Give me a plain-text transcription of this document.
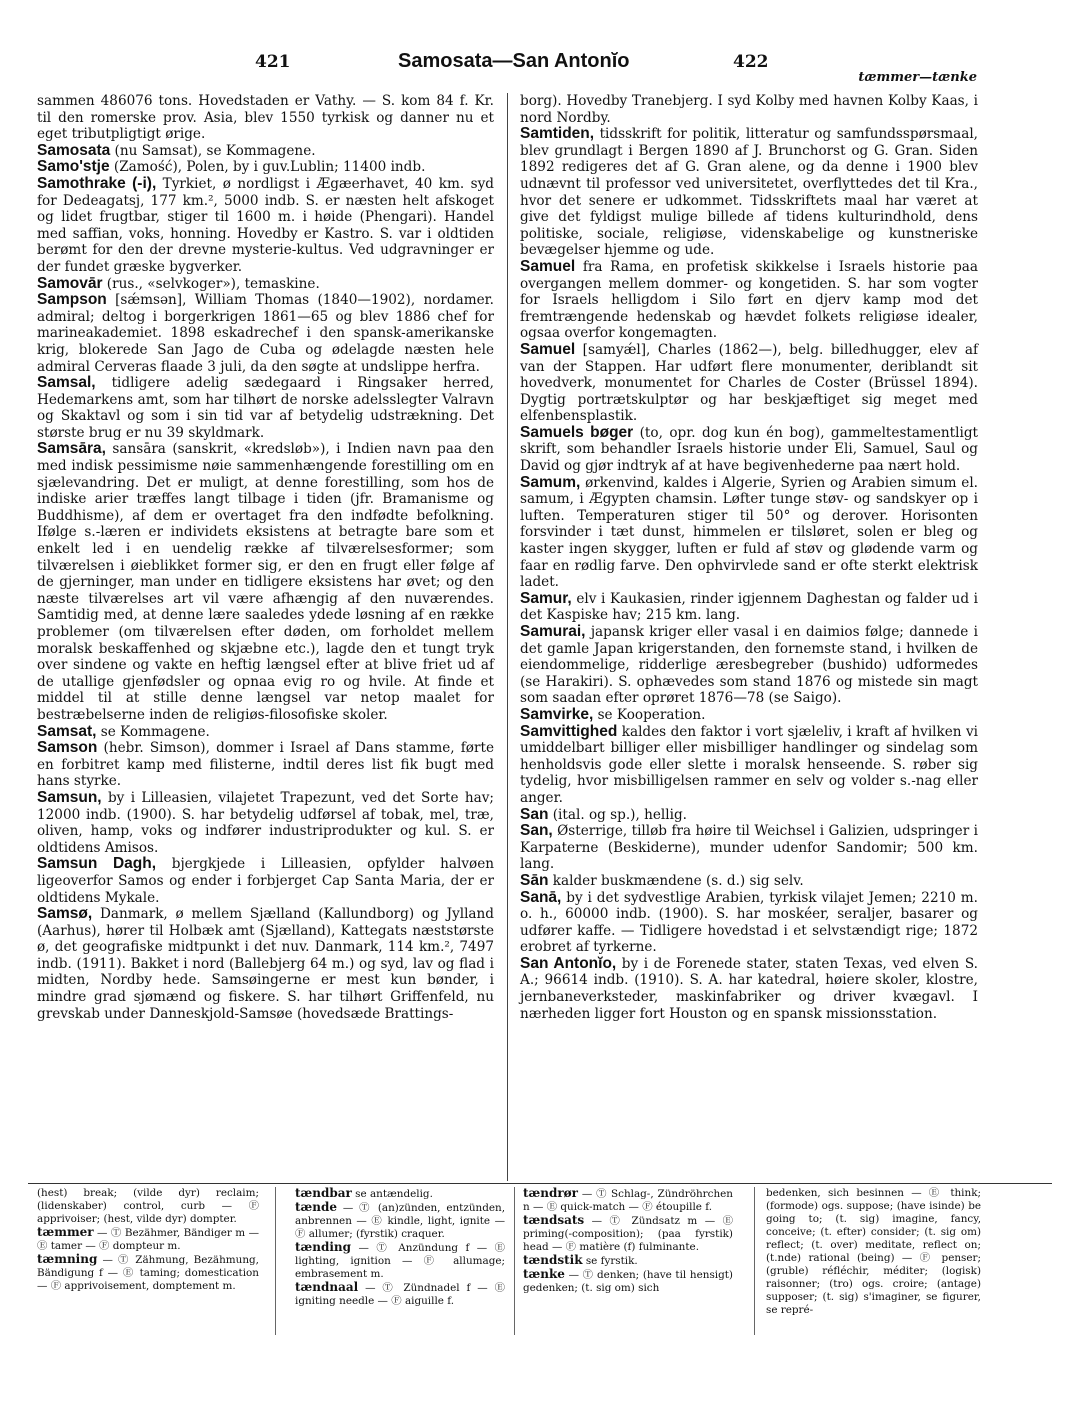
421	Samosata—San Antonĭo	422
tæmmer—tænke

sammen 486076 tons. Hovedstaden er Vathy. — S. kom 84 f. Kr. til den romerske prov. Asia, blev 1550 tyrkisk og danner nu et eget tributpligtigt ørige.

Samosata (nu Samsat), se Kommagene.

Samo'stje (Zamość), Polen, by i guv.Lublin; 11400 indb.

Samothrake (-i), Tyrkiet, ø nordligst i Ægæerhavet, 40 km. syd for Dedeagatsj, 177 km.², 5000 indb. S. er næsten helt afskoget og lidet frugtbar, stiger til 1600 m. i høide (Phengari). Handel med saffian, voks, honning. Hovedby er Kastro. S. var i oldtiden berømt for den der drevne mysterie-kultus. Ved udgravninger er der fundet græske bygverker.

Samovār (rus., «selvkoger»), temaskine.

Sampson [sǽmsən], William Thomas (1840—1902), nordamer. admiral; deltog i borgerkrigen 1861—65 og blev 1886 chef for marineakademiet. 1898 eskadrechef i den spansk-amerikanske krig, blokerede San Jago de Cuba og ødelagde næsten hele admiral Cerveras flaade 3 juli, da den søgte at undslippe herfra.

Samsal, tidligere adelig sædegaard i Ringsaker herred, Hedemarkens amt, som har tilhørt de norske adelsslegter Valravn og Skaktavl og som i sin tid var af betydelig udstrækning. Det største brug er nu 39 skyldmark.

Samsāra, sansāra (sanskrit, «kredsløb»), i Indien navn paa den med indisk pessimisme nøie sammenhængende forestilling om en sjælevandring. Det er muligt, at denne forestilling, som hos de indiske arier træffes langt tilbage i tiden (jfr. Bramanisme og Buddhisme), af dem er overtaget fra den indfødte befolkning. Ifølge s.-læren er individets eksistens at betragte bare som et enkelt led i en uendelig række af tilværelsesformer; som tilværelsen i øieblikket former sig, er den en frugt eller følge af de gjerninger, man under en tidligere eksistens har øvet; og den næste tilværelses art vil være afhængig af den nuværendes. Samtidig med, at denne lære saaledes ydede løsning af en række problemer (om tilværelsen efter døden, om forholdet mellem moralsk beskaffenhed og skjæbne etc.), lagde den et tungt tryk over sindene og vakte en heftig længsel efter at blive friet ud af de utallige gjenfødsler og opnaa evig ro og hvile. At finde et middel til at stille denne længsel var netop maalet for bestræbelserne inden de religiøs-filosofiske skoler.

Samsat, se Kommagene.

Samson (hebr. Simson), dommer i Israel af Dans stamme, førte en forbitret kamp med filisterne, indtil deres list fik bugt med hans styrke.

Samsun, by i Lilleasien, vilajetet Trapezunt, ved det Sorte hav; 12000 indb. (1900). S. har betydelig udførsel af tobak, mel, træ, oliven, hamp, voks og indfører industriprodukter og kul. S. er oldtidens Amisos.

Samsun Dagh, bjergkjede i Lilleasien, opfylder halvøen ligeoverfor Samos og ender i forbjerget Cap Santa Maria, der er oldtidens Mykale.

Samsø, Danmark, ø mellem Sjælland (Kallundborg) og Jylland (Aarhus), hører til Holbæk amt (Sjælland), Kattegats næststørste ø, det geografiske midtpunkt i det nuv. Danmark, 114 km.², 7497 indb. (1911). Bakket i nord (Ballebjerg 64 m.) og syd, lav og flad i midten, Nordby hede. Samsøingerne er mest kun bønder, i mindre grad sjømænd og fiskere. S. har tilhørt Griffenfeld, nu grevskab under Danneskjold-Samsøe (hovedsæde Brattings-

borg). Hovedby Tranebjerg. I syd Kolby med havnen Kolby Kaas, i nord Nordby.

Samtiden, tidsskrift for politik, litteratur og samfundsspørsmaal, blev grundlagt i Bergen 1890 af J. Brunchorst og G. Gran. Siden 1892 redigeres det af G. Gran alene, og da denne i 1900 blev udnævnt til professor ved universitetet, overflyttedes det til Kra., hvor det senere er udkommet. Tidsskriftets maal har været at give det fyldigst mulige billede af tidens kulturindhold, dens politiske, sociale, religiøse, videnskabelige og kunstneriske bevægelser hjemme og ude.

Samuel fra Rama, en profetisk skikkelse i Israels historie paa overgangen mellem dommer- og kongetiden. S. har som vogter for Israels helligdom i Silo ført en djerv kamp mod det fremtrængende hedenskab og hævdet folkets religiøse idealer, ogsaa overfor kongemagten.

Samuel [samyǽl], Charles (1862—), belg. billedhugger, elev af van der Stappen. Har udført flere monumenter, deriblandt sit hovedverk, monumentet for Charles de Coster (Brüssel 1894). Dygtig portrætskulptør og har beskjæftiget sig meget med elfenbensplastik.

Samuels bøger (to, opr. dog kun én bog), gammeltestamentligt skrift, som behandler Israels historie under Eli, Samuel, Saul og David og gjør indtryk af at have begivenhederne paa nært hold.

Samum, ørkenvind, kaldes i Algerie, Syrien og Arabien simum el. samum, i Ægypten chamsin. Løfter tunge støv- og sandskyer op i luften. Temperaturen stiger til 50° og derover. Horisonten forsvinder i tæt dunst, himmelen er tilsløret, solen er bleg og kaster ingen skygger, luften er fuld af støv og glødende varm og faar en rødlig farve. Den ophvirvlede sand er ofte sterkt elektrisk ladet.

Samur, elv i Kaukasien, rinder igjennem Daghestan og falder ud i det Kaspiske hav; 215 km. lang.

Samurai, japansk kriger eller vasal i en daimios følge; dannede i det gamle Japan krigerstanden, den fornemste stand, i hvilken de eiendommelige, ridderlige æresbegreber (bushido) udformedes (se Harakiri). S. ophævedes som stand 1876 og mistede sin magt som saadan efter oprøret 1876—78 (se Saigo).

Samvirke, se Kooperation.

Samvittighed kaldes den faktor i vort sjæleliv, i kraft af hvilken vi umiddelbart billiger eller misbilliger handlinger og sindelag som henholdsvis gode eller slette i moralsk henseende. S. røber sig tydelig, hvor misbilligelsen rammer en selv og volder s.-nag eller anger.

San (ital. og sp.), hellig.

San, Østerrige, tilløb fra høire til Weichsel i Galizien, udspringer i Karpaterne (Beskiderne), munder udenfor Sandomir; 500 km. lang.

Sān kalder buskmændene (s. d.) sig selv.

Sanā, by i det sydvestlige Arabien, tyrkisk vilajet Jemen; 2210 m. o. h., 60000 indb. (1900). S. har moskéer, seraljer, basarer og udfører kaffe. — Tidligere hovedstad i et selvstændigt rige; 1872 erobret af tyrkerne.

San Antonĭo, by i de Forenede stater, staten Texas, ved elven S. A.; 96614 indb. (1910). S. A. har katedral, høiere skoler, klostre, jernbaneverksteder, maskinfabriker og driver kvægavl. I nærheden ligger fort Houston og en spansk missionsstation.

(hest) break; (vilde dyr) reclaim; (lidenskaber) control, curb — Ⓕ apprivoiser; (hest, vilde dyr) dompter.

tæmmer — Ⓣ Bezähmer, Bändiger m — Ⓔ tamer — Ⓕ dompteur m.

tæmning — Ⓣ Zähmung, Bezähmung, Bändigung f — Ⓔ taming; domestication — Ⓕ apprivoisement, domptement m.

tændbar se antændelig.

tænde — Ⓣ (an)zünden, entzünden, anbrennen — Ⓔ kindle, light, ignite — Ⓕ allumer; (fyrstik) craquer.

tænding — Ⓣ Anzündung f — Ⓔ lighting, ignition — Ⓕ allumage; embrasement m.

tændnaal — Ⓣ Zündnadel f — Ⓔ igniting needle — Ⓕ aiguille f.

tændrør — Ⓣ Schlag-, Zündröhrchen n — Ⓔ quick-match — Ⓕ étoupille f.

tændsats — Ⓣ Zündsatz m — Ⓔ priming(-composition); (paa fyrstik) head — Ⓕ matière (f) fulminante.

tændstik se fyrstik.

tænke — Ⓣ denken; (have til hensigt) gedenken; (t. sig om) sich

bedenken, sich besinnen — Ⓔ think; (formode) ogs. suppose; (have isinde) be going to; (t. sig) imagine, fancy, conceive; (t. efter) consider; (t. sig om) reflect; (t. over) meditate, reflect on; (t.nde) rational (being) — Ⓕ penser; (gruble) réfléchir, méditer; (logisk) raisonner; (tro) ogs. croire; (antage) supposer; (t. sig) s'imaginer, se figurer, se repré-
